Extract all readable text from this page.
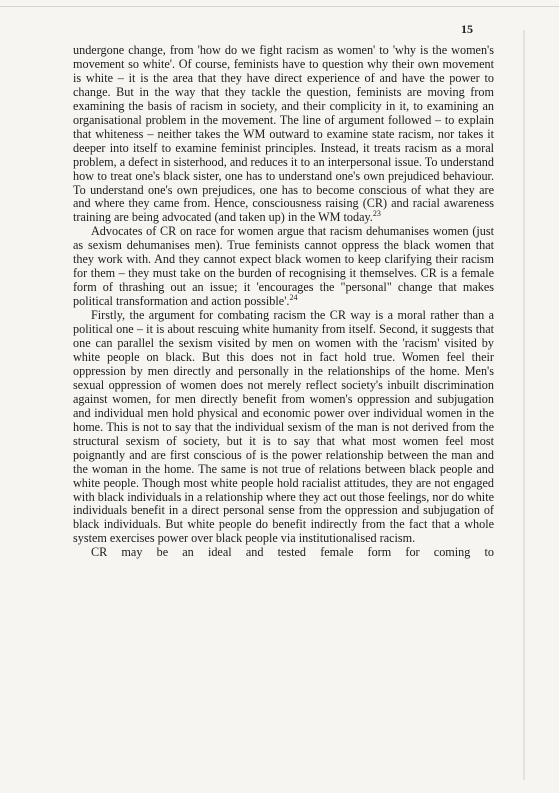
15

undergone change, from 'how do we fight racism as women' to 'why is the women's movement so white'. Of course, feminists have to question why their own movement is white – it is the area that they have direct experience of and have the power to change. But in the way that they tackle the question, feminists are moving from examining the basis of racism in society, and their complicity in it, to examining an organisational problem in the movement. The line of argument followed – to explain that whiteness – neither takes the WM outward to examine state racism, nor takes it deeper into itself to examine feminist principles. Instead, it treats racism as a moral problem, a defect in sisterhood, and reduces it to an interpersonal issue. To understand how to treat one's black sister, one has to understand one's own prejudiced behaviour. To understand one's own prejudices, one has to become conscious of what they are and where they came from. Hence, consciousness raising (CR) and racial awareness training are being advocated (and taken up) in the WM today.$^{23}$

Advocates of CR on race for women argue that racism dehumanises women (just as sexism dehumanises men). True feminists cannot oppress the black women that they work with. And they cannot expect black women to keep clarifying their racism for them – they must take on the burden of recognising it themselves. CR is a female form of thrashing out an issue; it 'encourages the "personal" change that makes political transformation and action possible'.$^{24}$

Firstly, the argument for combating racism the CR way is a moral rather than a political one – it is about rescuing white humanity from itself. Second, it suggests that one can parallel the sexism visited by men on women with the 'racism' visited by white people on black. But this does not in fact hold true. Women feel their oppression by men directly and personally in the relationships of the home. Men's sexual oppression of women does not merely reflect society's inbuilt discrimination against women, for men directly benefit from women's oppression and subjugation and individual men hold physical and economic power over individual women in the home. This is not to say that the individual sexism of the man is not derived from the structural sexism of society, but it is to say that what most women feel most poignantly and are first conscious of is the power relationship between the man and the woman in the home. The same is not true of relations between black people and white people. Though most white people hold racialist attitudes, they are not engaged with black individuals in a relationship where they act out those feelings, nor do white individuals benefit in a direct personal sense from the oppression and subjugation of black individuals. But white people do benefit indirectly from the fact that a whole system exercises power over black people via institutionalised racism.

CR may be an ideal and tested female form for coming to
